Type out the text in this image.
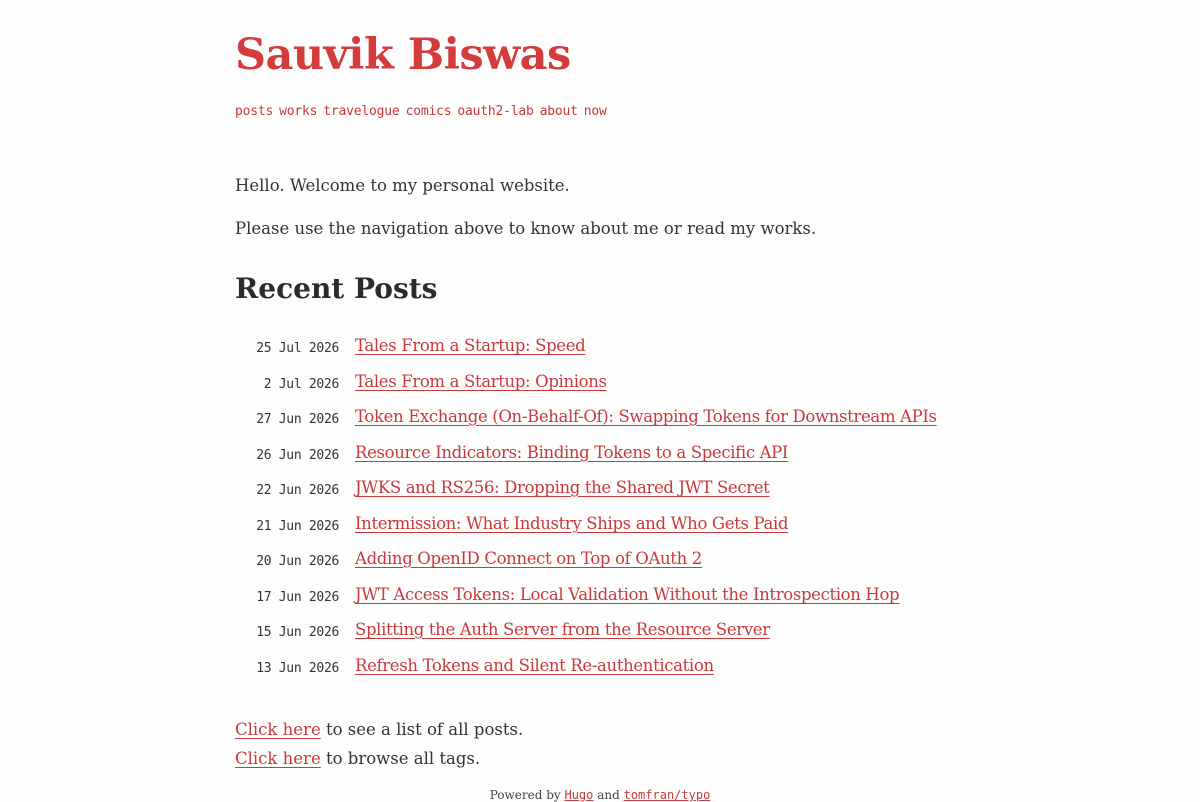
Sauvik Biswas
posts works travelogue comics oauth2-lab about now

Hello. Welcome to my personal website.

Please use the navigation above to know about me or read my works.

Recent Posts
25 Jul 2026 Tales From a Startup: Speed
2 Jul 2026 Tales From a Startup: Opinions
27 Jun 2026 Token Exchange (On-Behalf-Of): Swapping Tokens for Downstream APIs
26 Jun 2026 Resource Indicators: Binding Tokens to a Specific API
22 Jun 2026 JWKS and RS256: Dropping the Shared JWT Secret
21 Jun 2026 Intermission: What Industry Ships and Who Gets Paid
20 Jun 2026 Adding OpenID Connect on Top of OAuth 2
17 Jun 2026 JWT Access Tokens: Local Validation Without the Introspection Hop
15 Jun 2026 Splitting the Auth Server from the Resource Server
13 Jun 2026 Refresh Tokens and Silent Re-authentication
Click here to see a list of all posts.
Click here to browse all tags.
Powered by Hugo and tomfran/typo
